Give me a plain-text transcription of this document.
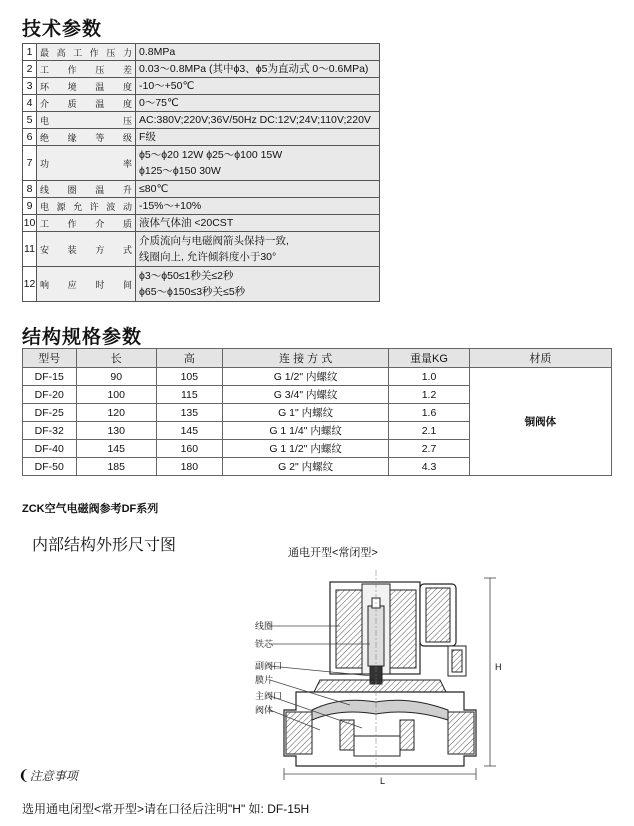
技术参数
1	最高工作压力	0.8MPa

2	工 作 压 差	0.03～0.8MPa (其中ϕ3、ϕ5为直动式 0～0.6MPa)

3	环 境 温 度	-10～+50℃

4	介 质 温 度	0～75℃

5	电 压	AC:380V;220V;36V/50Hz DC:12V;24V;110V;220V

6	绝 缘 等 级	F级

7	功 率	ϕ5～ϕ20 12W ϕ25～ϕ100 15W
ϕ125～ϕ150 30W

8	线 圈 温 升	≤80℃

9	电源允许波动	-15%～+10%

10	工 作 介 质	液体气体油 <20CST

11	安 装 方 式	介质流向与电磁阀箭头保持一致,
线圈向上, 允许倾斜度小于30°

12	响 应 时 间	ϕ3～ϕ50≤1秒关≤2秒
ϕ65～ϕ150≤3秒关≤5秒
结构规格参数
型号	长	高	连 接 方 式	重量KG	材质
DF-15	90	105	G 1/2" 内螺纹	1.0	铜阀体
DF-20	100	115	G 3/4" 内螺纹	1.2	
DF-25	120	135	G 1" 内螺纹	1.6	
DF-32	130	145	G 1 1/4" 内螺纹	2.1	
DF-40	145	160	G 1 1/2" 内螺纹	2.7	
DF-50	185	180	G 2" 内螺纹	4.3	
ZCK空气电磁阀参考DF系列
内部结构外形尺寸图	通电开型<常闭型>
线圈
铁芯
副阀口
膜片
主阀口
阀体
H
L
❨注意事项
选用通电闭型<常开型>请在口径后注明"H" 如: DF-15H
